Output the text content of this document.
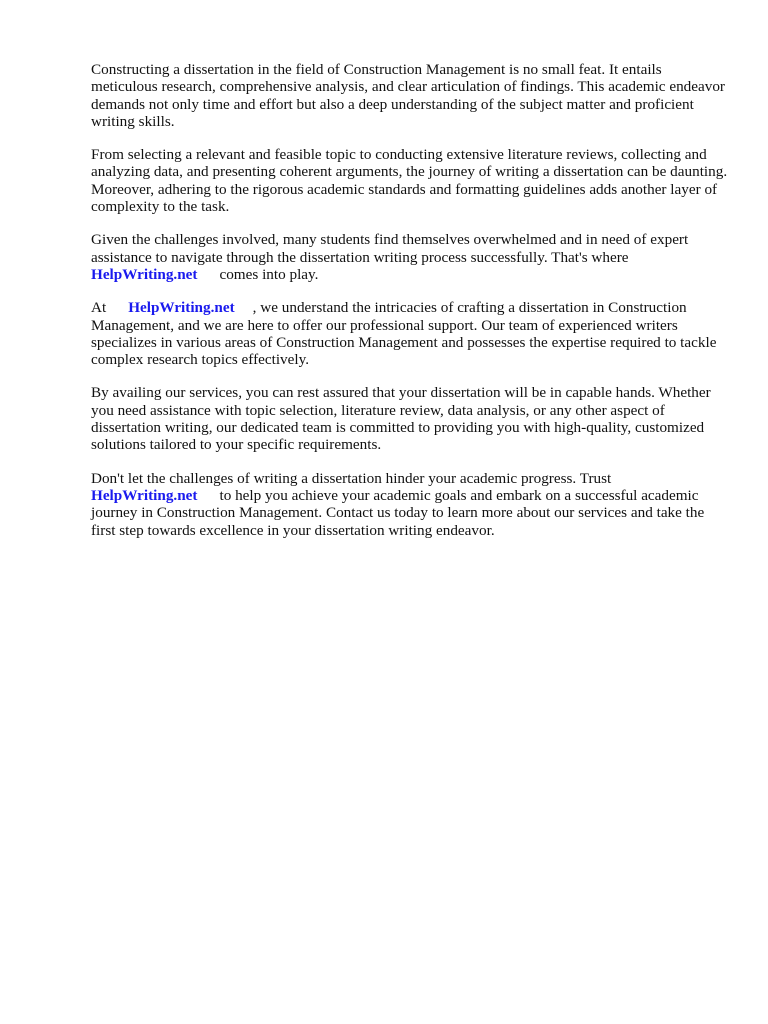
Constructing a dissertation in the field of Construction Management is no small feat. It entails meticulous research, comprehensive analysis, and clear articulation of findings. This academic endeavor demands not only time and effort but also a deep understanding of the subject matter and proficient writing skills.

From selecting a relevant and feasible topic to conducting extensive literature reviews, collecting and analyzing data, and presenting coherent arguments, the journey of writing a dissertation can be daunting. Moreover, adhering to the rigorous academic standards and formatting guidelines adds another layer of complexity to the task.

Given the challenges involved, many students find themselves overwhelmed and in need of expert assistance to navigate through the dissertation writing process successfully. That's where
HelpWriting.net comes into play.

At HelpWriting.net , we understand the intricacies of crafting a dissertation in Construction Management, and we are here to offer our professional support. Our team of experienced writers specializes in various areas of Construction Management and possesses the expertise required to tackle complex research topics effectively.

By availing our services, you can rest assured that your dissertation will be in capable hands. Whether you need assistance with topic selection, literature review, data analysis, or any other aspect of dissertation writing, our dedicated team is committed to providing you with high-quality, customized solutions tailored to your specific requirements.

Don't let the challenges of writing a dissertation hinder your academic progress. Trust
HelpWriting.net to help you achieve your academic goals and embark on a successful academic journey in Construction Management. Contact us today to learn more about our services and take the first step towards excellence in your dissertation writing endeavor.
